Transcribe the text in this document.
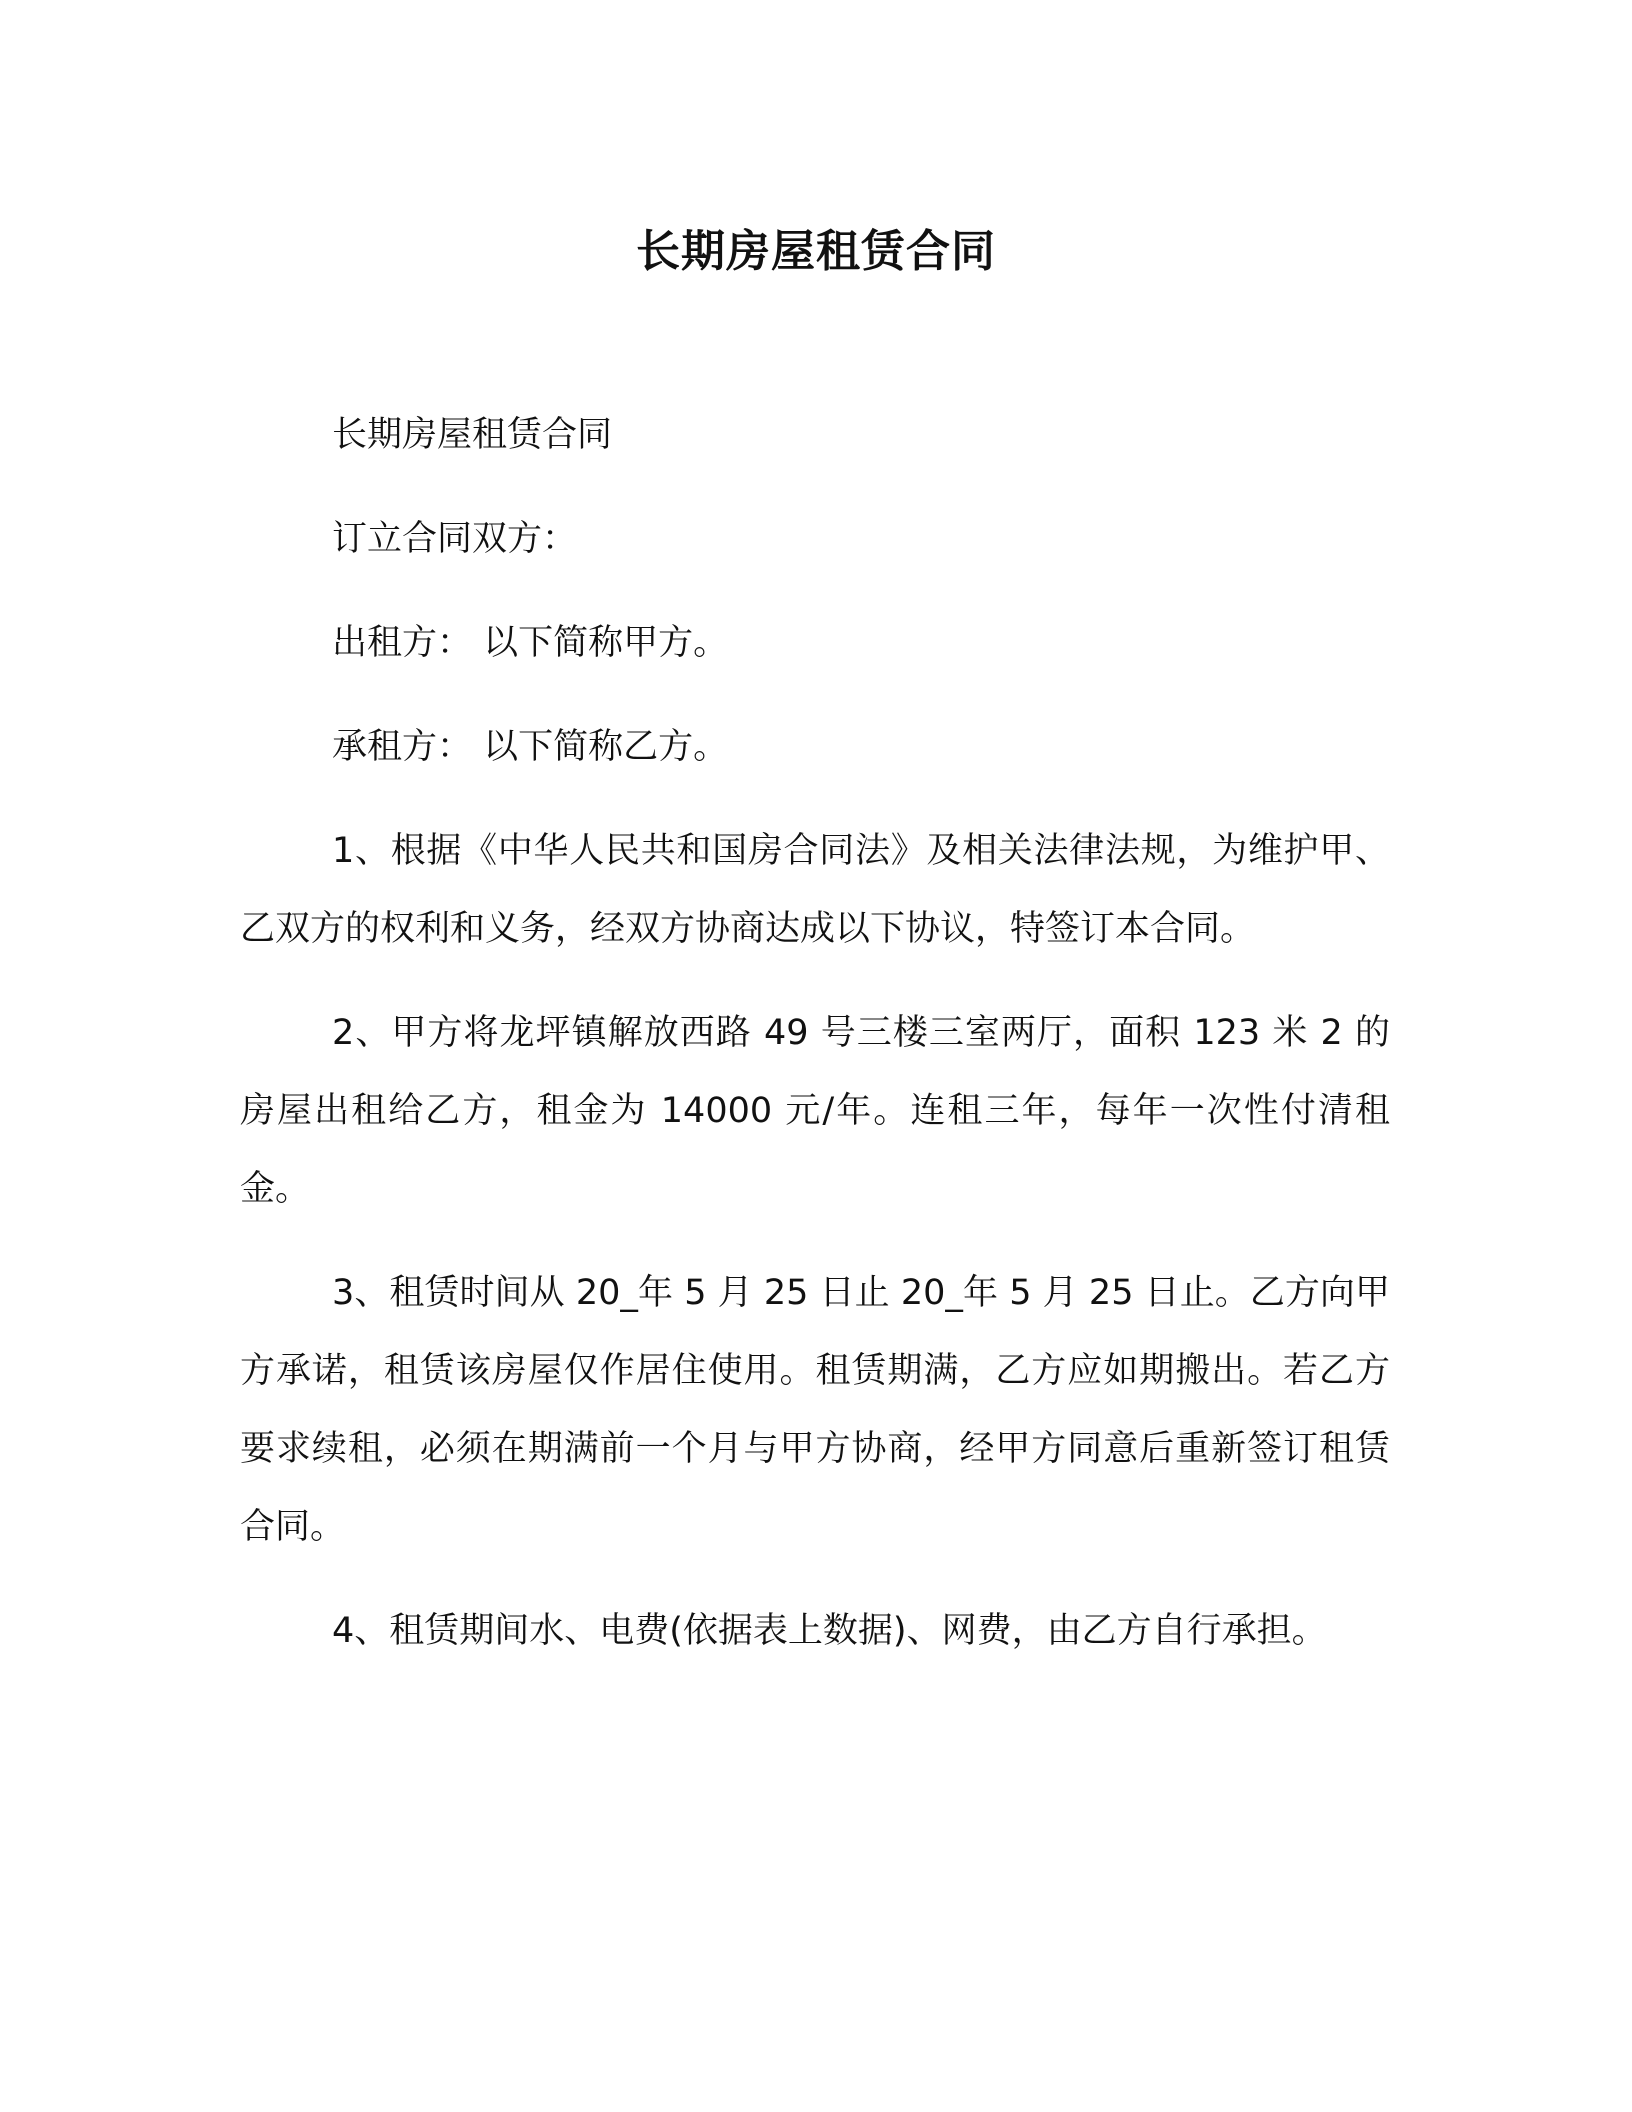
长期房屋租赁合同
长期房屋租赁合同
订立合同双方：
出租方： 以下简称甲方。
承租方： 以下简称乙方。

1、根据《中华人民共和国房合同法》及相关法律法规，为维护甲、乙双方的权利和义务，经双方协商达成以下协议，特签订本合同。

2、甲方将龙坪镇解放西路 49 号三楼三室两厅，面积 123 米 2 的房屋出租给乙方，租金为 14000 元/年。连租三年，每年一次性付清租金。

3、租赁时间从 20_年 5 月 25 日止 20_年 5 月 25 日止。乙方向甲方承诺，租赁该房屋仅作居住使用。租赁期满，乙方应如期搬出。若乙方要求续租，必须在期满前一个月与甲方协商，经甲方同意后重新签订租赁合同。

4、租赁期间水、电费(依据表上数据)、网费，由乙方自行承担。
